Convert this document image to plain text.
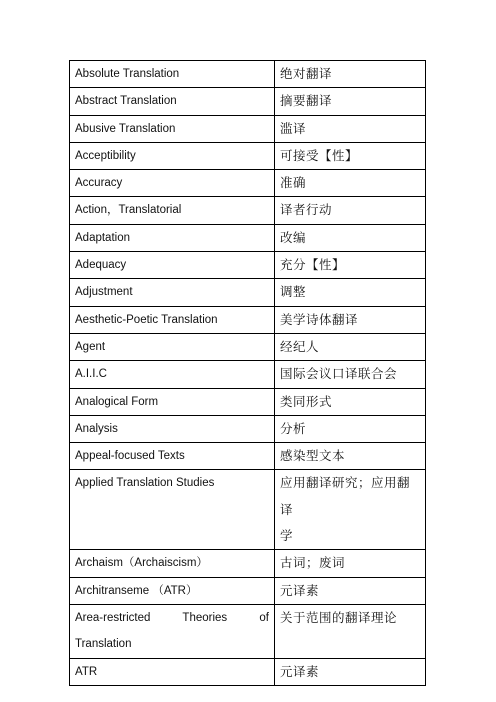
Absolute Translation	绝对翻译
Abstract Translation	摘要翻译
Abusive Translation	滥译
Acceptibility	可接受【性】
Accuracy	准确
Action，Translatorial	译者行动
Adaptation	改编
Adequacy	充分【性】
Adjustment	调整
Aesthetic-Poetic Translation	美学诗体翻译
Agent	经纪人
A.I.I.C	国际会议口译联合会
Analogical Form	类同形式
Analysis	分析
Appeal-focused Texts	感染型文本
Applied Translation Studies	应用翻译研究；应用翻译
学

Archaism（Archaiscism）	古词；废词
Architranseme （ATR）	元译素

Area-restricted Theories of
Translation	关于范围的翻译理论
ATR	元译素
